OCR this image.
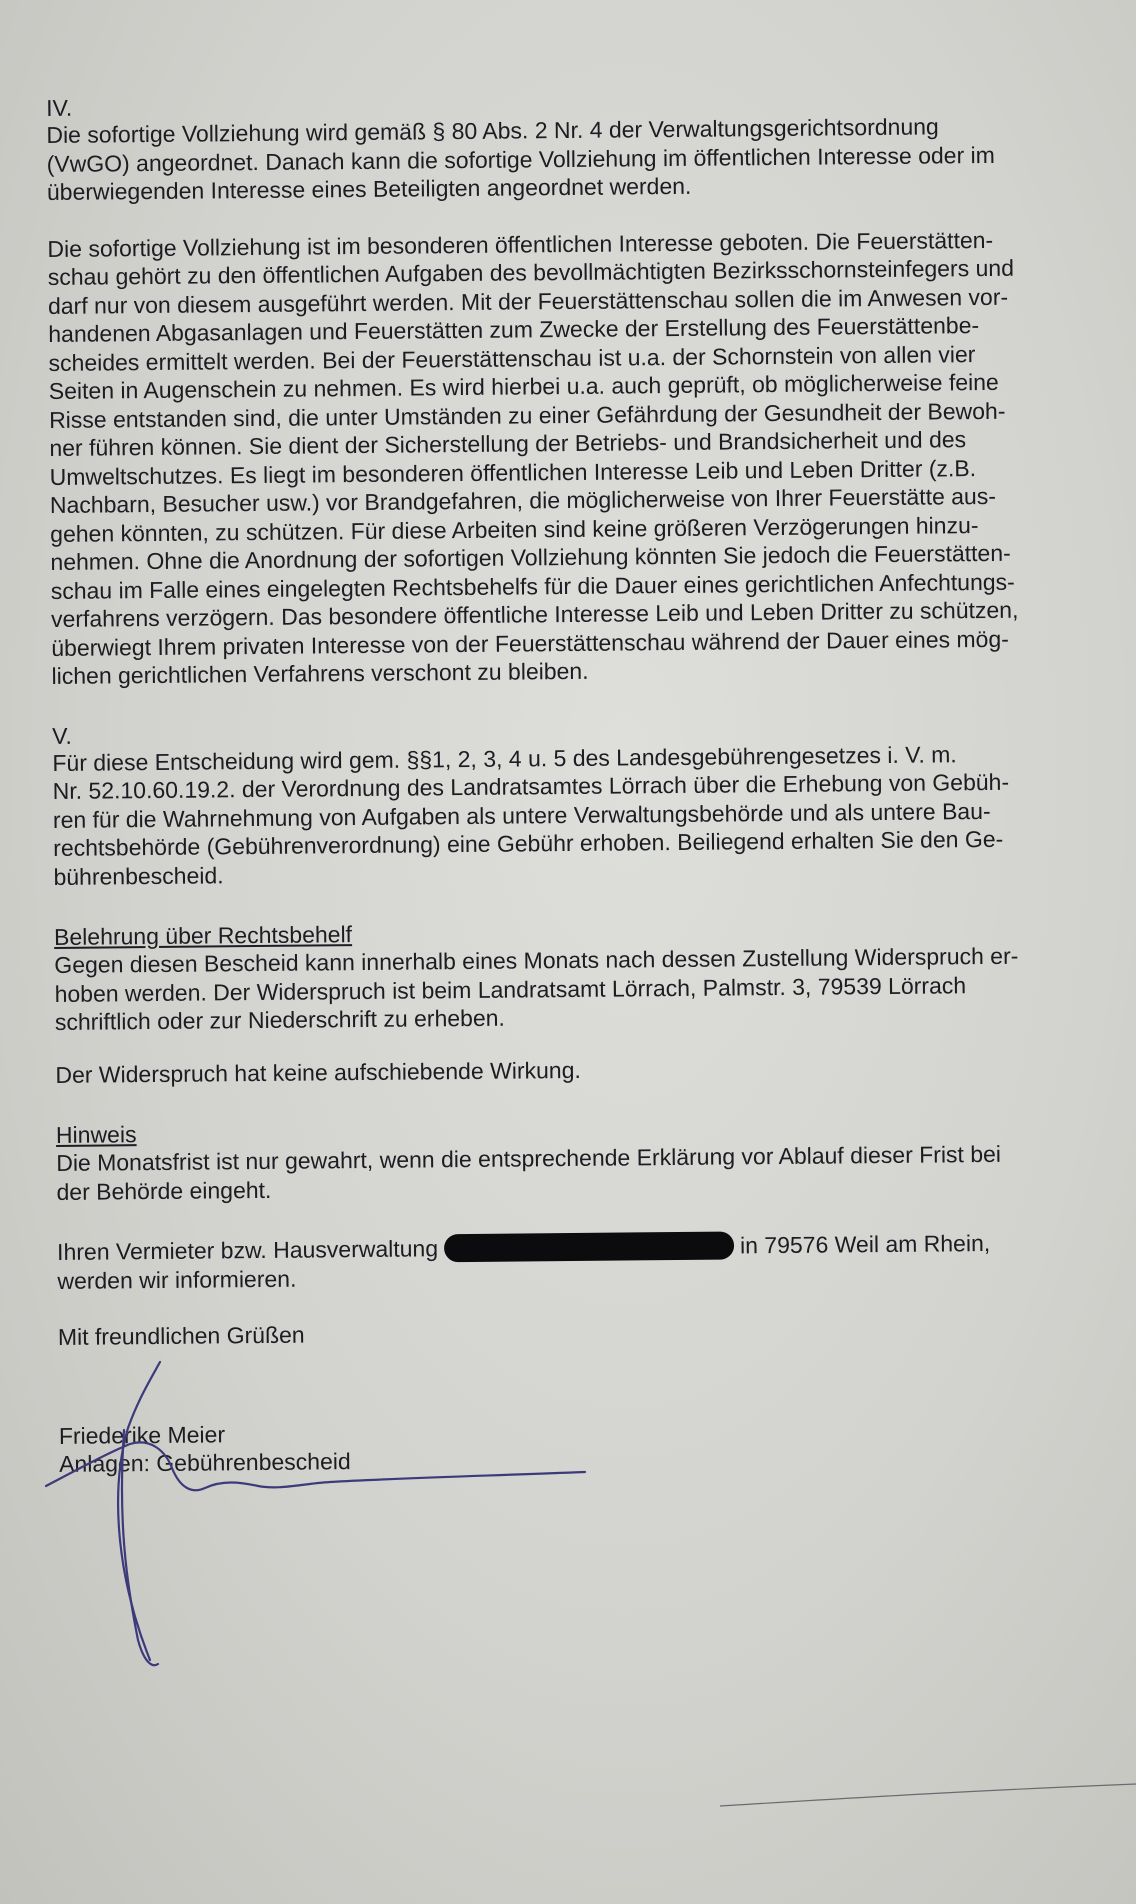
IV.

Die sofortige Vollziehung wird gemäß § 80 Abs. 2 Nr. 4 der Verwaltungsgerichtsordnung
(VwGO) angeordnet. Danach kann die sofortige Vollziehung im öffentlichen Interesse oder im
überwiegenden Interesse eines Beteiligten angeordnet werden.
Die sofortige Vollziehung ist im besonderen öffentlichen Interesse geboten. Die Feuerstätten-
schau gehört zu den öffentlichen Aufgaben des bevollmächtigten Bezirksschornsteinfegers und
darf nur von diesem ausgeführt werden. Mit der Feuerstättenschau sollen die im Anwesen vor-
handenen Abgasanlagen und Feuerstätten zum Zwecke der Erstellung des Feuerstättenbe-
scheides ermittelt werden. Bei der Feuerstättenschau ist u.a. der Schornstein von allen vier
Seiten in Augenschein zu nehmen. Es wird hierbei u.a. auch geprüft, ob möglicherweise feine
Risse entstanden sind, die unter Umständen zu einer Gefährdung der Gesundheit der Bewoh-
ner führen können. Sie dient der Sicherstellung der Betriebs- und Brandsicherheit und des
Umweltschutzes. Es liegt im besonderen öffentlichen Interesse Leib und Leben Dritter (z.B.
Nachbarn, Besucher usw.) vor Brandgefahren, die möglicherweise von Ihrer Feuerstätte aus-
gehen könnten, zu schützen. Für diese Arbeiten sind keine größeren Verzögerungen hinzu-
nehmen. Ohne die Anordnung der sofortigen Vollziehung könnten Sie jedoch die Feuerstätten-
schau im Falle eines eingelegten Rechtsbehelfs für die Dauer eines gerichtlichen Anfechtungs-
verfahrens verzögern. Das besondere öffentliche Interesse Leib und Leben Dritter zu schützen,
überwiegt Ihrem privaten Interesse von der Feuerstättenschau während der Dauer eines mög-
lichen gerichtlichen Verfahrens verschont zu bleiben.

V.

Für diese Entscheidung wird gem. §§1, 2, 3, 4 u. 5 des Landesgebührengesetzes i. V. m.
Nr. 52.10.60.19.2. der Verordnung des Landratsamtes Lörrach über die Erhebung von Gebüh-
ren für die Wahrnehmung von Aufgaben als untere Verwaltungsbehörde und als untere Bau-
rechtsbehörde (Gebührenverordnung) eine Gebühr erhoben. Beiliegend erhalten Sie den Ge-
bührenbescheid.
Belehrung über Rechtsbehelf
Gegen diesen Bescheid kann innerhalb eines Monats nach dessen Zustellung Widerspruch er-
hoben werden. Der Widerspruch ist beim Landratsamt Lörrach, Palmstr. 3, 79539 Lörrach
schriftlich oder zur Niederschrift zu erheben.
Der Widerspruch hat keine aufschiebende Wirkung.
Hinweis
Die Monatsfrist ist nur gewahrt, wenn die entsprechende Erklärung vor Ablauf dieser Frist bei
der Behörde eingeht.
Ihren Vermieter bzw. Hausverwaltung	in 79576 Weil am Rhein,
werden wir informieren.
Mit freundlichen Grüßen
Friederike Meier
Anlagen: Gebührenbescheid
